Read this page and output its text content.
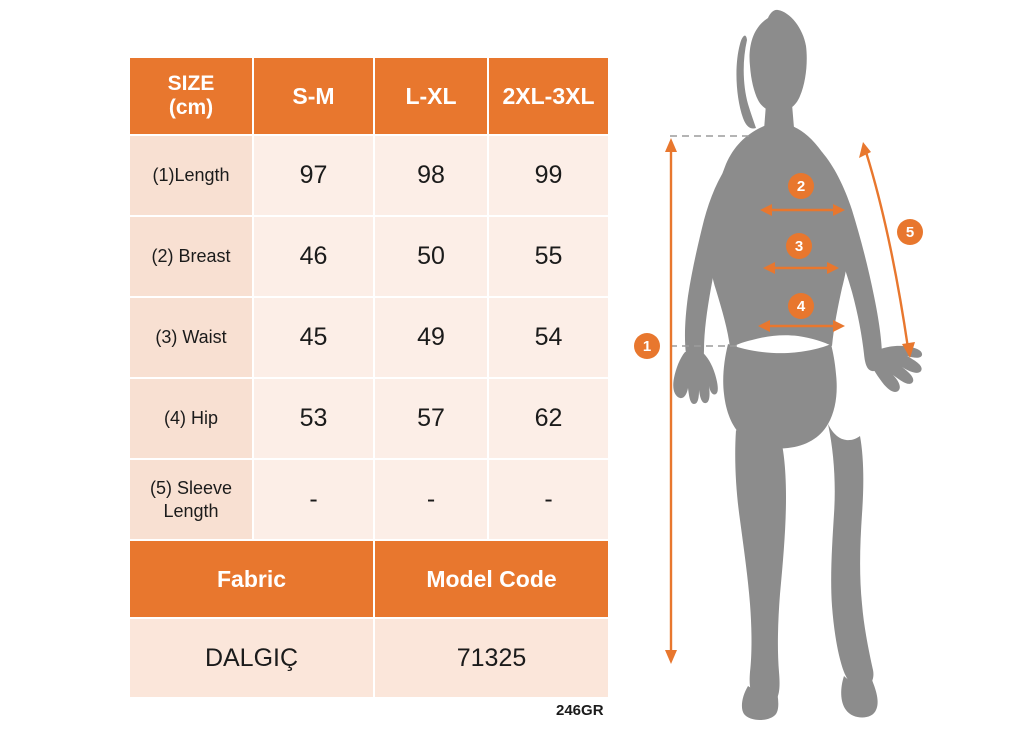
SIZE
(cm)	S-M	L-XL	2XL-3XL
(1)Length	97	98	99
(2) Breast	46	50	55
(3) Waist	45	49	54
(4) Hip	53	57	62

(5) Sleeve
Length	-	-	-
Fabric		Model Code	
DALGIÇ		71325	
246GR
1
2
3
4
5
